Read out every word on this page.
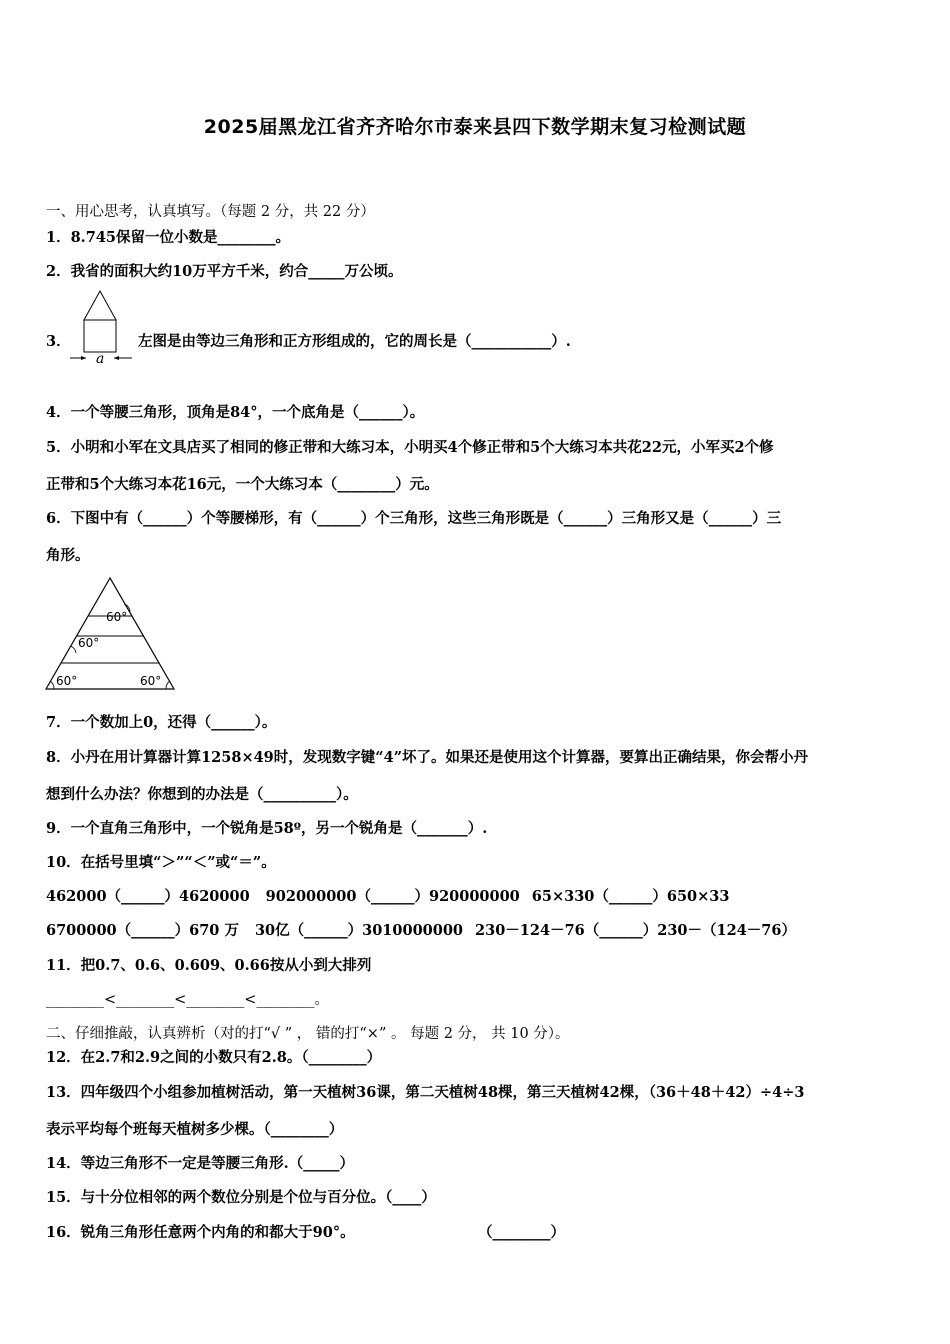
2025届黑龙江省齐齐哈尔市泰来县四下数学期末复习检测试题
一、用心思考，认真填写。（每题 2 分，共 22 分）
1．8.745保留一位小数是________。
2．我省的面积大约10万平方千米，约合_____万公顷。
3．
a
左图是由等边三角形和正方形组成的，它的周长是（___________）.
4．一个等腰三角形，顶角是84°，一个底角是（______）。
5．小明和小军在文具店买了相同的修正带和大练习本，小明买4个修正带和5个大练习本共花22元，小军买2个修
正带和5个大练习本花16元，一个大练习本（________）元。
6．下图中有（______）个等腰梯形，有（______）个三角形，这些三角形既是（______）三角形又是（______）三
角形。
60°
60°
60°	60°
7．一个数加上0，还得（______）。
8．小丹在用计算器计算1258×49时，发现数字键“4”坏了。如果还是使用这个计算器，要算出正确结果，你会帮小丹
想到什么办法？你想到的办法是（__________）。
9．一个直角三角形中，一个锐角是58º，另一个锐角是（_______）.
10．在括号里填“＞”“＜”或“＝”。
462000（______）4620000 902000000（______）920000000 65×330（______）650×33
6700000（______）670 万 30亿（______）3010000000 230－124－76（______）230－（124－76）
11．把0.7、0.6、0.609、0.66按从小到大排列
________<________<________<________。
二、仔细推敲，认真辨析（对的打“√ ” ， 错的打“×” 。 每题 2 分， 共 10 分）。
12．在2.7和2.9之间的小数只有2.8。（________）
13．四年级四个小组参加植树活动，第一天植树36课，第二天植树48棵，第三天植树42棵，（36＋48＋42）÷4÷3
表示平均每个班每天植树多少棵。（________）
14．等边三角形不一定是等腰三角形.（_____）
15．与十分位相邻的两个数位分别是个位与百分位。（____）
16．锐角三角形任意两个内角的和都大于90°。	（________）
